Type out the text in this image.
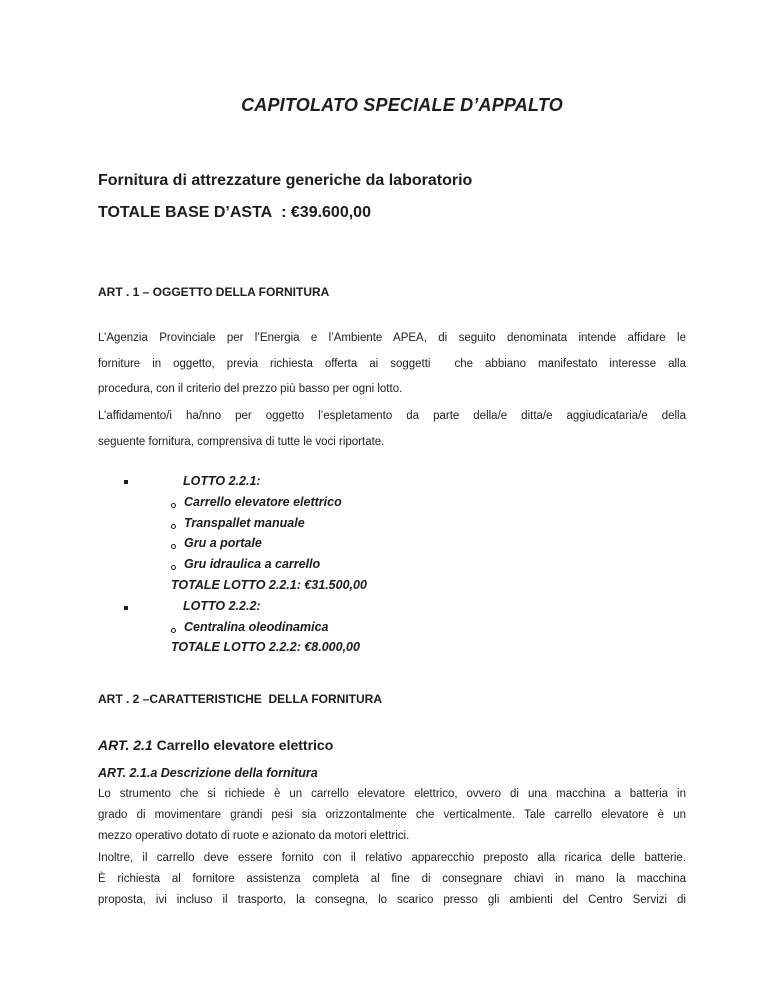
CAPITOLATO SPECIALE D’APPALTO
Fornitura di attrezzature generiche da laboratorio
TOTALE BASE D’ASTA  : €39.600,00
ART . 1 – OGGETTO DELLA FORNITURA
L’Agenzia Provinciale per l’Energia e l’Ambiente APEA, di seguito denominata intende affidare le
forniture in oggetto, previa richiesta offerta ai soggetti  che abbiano manifestato interesse alla
procedura, con il criterio del prezzo più basso per ogni lotto.
L’affidamento/i ha/nno per oggetto l’espletamento da parte della/e ditta/e aggiudicataria/e della
seguente fornitura, comprensiva di tutte le voci riportate.
LOTTO 2.2.1:
Carrello elevatore elettrico
Transpallet manuale
Gru a portale
Gru idraulica a carrello
TOTALE LOTTO 2.2.1: €31.500,00
LOTTO 2.2.2:
Centralina oleodinamica
TOTALE LOTTO 2.2.2: €8.000,00
ART . 2 –CARATTERISTICHE  DELLA FORNITURA
ART. 2.1 Carrello elevatore elettrico
ART. 2.1.a Descrizione della fornitura
Lo strumento che si richiede è un carrello elevatore elettrico, ovvero di una macchina a batteria in
grado di movimentare grandi pesi sia orizzontalmente che verticalmente. Tale carrello elevatore è un
mezzo operativo dotato di ruote e azionato da motori elettrici.
Inoltre, il carrello deve essere fornito con il relativo apparecchio preposto alla ricarica delle batterie.
È richiesta al fornitore assistenza completa al fine di consegnare chiavi in mano la macchina
proposta, ivi incluso il trasporto, la consegna, lo scarico presso gli ambienti del Centro Servizi di
